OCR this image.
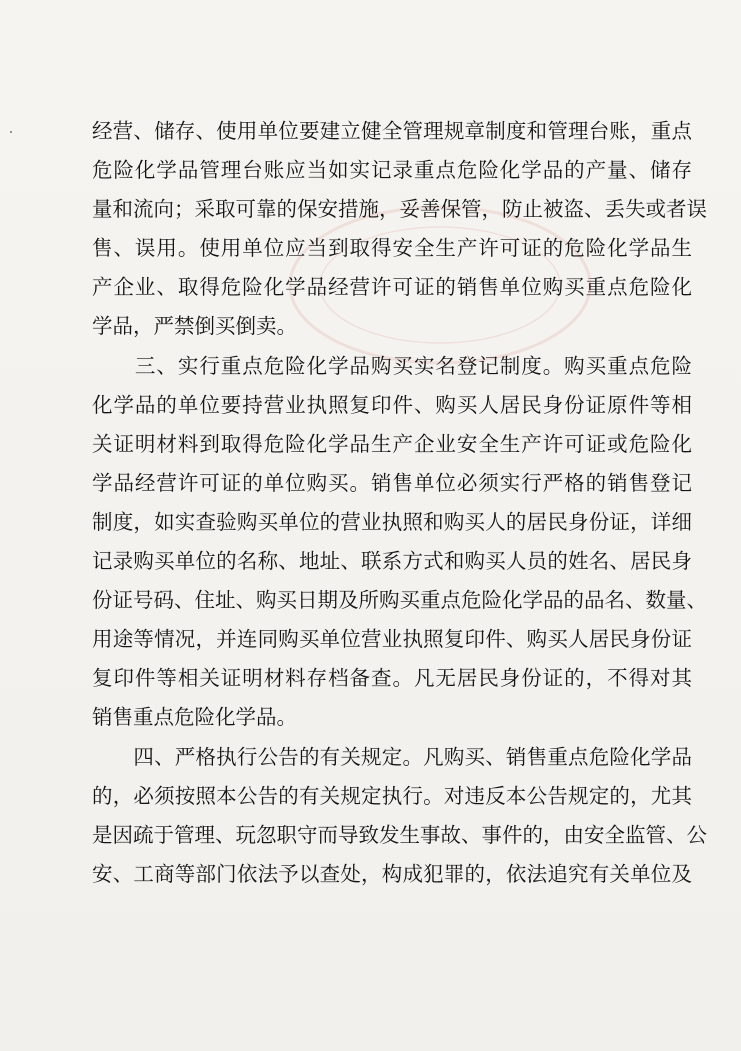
经营、储存、使用单位要建立健全管理规章制度和管理台账，重点
危险化学品管理台账应当如实记录重点危险化学品的产量、储存
量和流向；采取可靠的保安措施，妥善保管，防止被盗、丢失或者误
售、误用。使用单位应当到取得安全生产许可证的危险化学品生
产企业、取得危险化学品经营许可证的销售单位购买重点危险化
学品，严禁倒买倒卖。
　　三、实行重点危险化学品购买实名登记制度。购买重点危险
化学品的单位要持营业执照复印件、购买人居民身份证原件等相
关证明材料到取得危险化学品生产企业安全生产许可证或危险化
学品经营许可证的单位购买。销售单位必须实行严格的销售登记
制度，如实查验购买单位的营业执照和购买人的居民身份证，详细
记录购买单位的名称、地址、联系方式和购买人员的姓名、居民身
份证号码、住址、购买日期及所购买重点危险化学品的品名、数量、
用途等情况，并连同购买单位营业执照复印件、购买人居民身份证
复印件等相关证明材料存档备查。凡无居民身份证的，不得对其
销售重点危险化学品。
　　四、严格执行公告的有关规定。凡购买、销售重点危险化学品
的，必须按照本公告的有关规定执行。对违反本公告规定的，尤其
是因疏于管理、玩忽职守而导致发生事故、事件的，由安全监管、公
安、工商等部门依法予以查处，构成犯罪的，依法追究有关单位及
